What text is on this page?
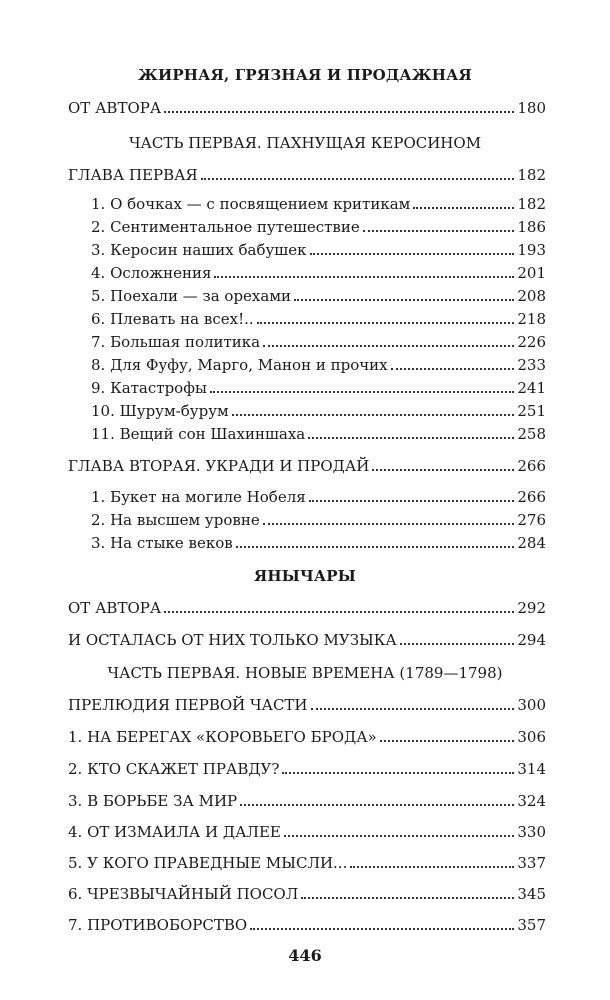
ЖИРНАЯ, ГРЯЗНАЯ И ПРОДАЖНАЯ
ОТ АВТОРА	180
ЧАСТЬ ПЕРВАЯ. ПАХНУЩАЯ КЕРОСИНОМ
ГЛАВА ПЕРВАЯ	182
1. О бочках — с посвящением критикам	182
2. Сентиментальное путешествие	186
3. Керосин наших бабушек	193
4. Осложнения	201
5. Поехали — за орехами	208
6. Плевать на всех!..	218
7. Большая политика	226
8. Для Фуфу, Марго, Манон и прочих	233
9. Катастрофы	241
10. Шурум-бурум	251
11. Вещий сон Шахиншаха	258
ГЛАВА ВТОРАЯ. УКРАДИ И ПРОДАЙ	266
1. Букет на могиле Нобеля	266
2. На высшем уровне	276
3. На стыке веков	284
ЯНЫЧАРЫ
ОТ АВТОРА	292
И ОСТАЛАСЬ ОТ НИХ ТОЛЬКО МУЗЫКА	294
ЧАСТЬ ПЕРВАЯ. НОВЫЕ ВРЕМЕНА (1789—1798)
ПРЕЛЮДИЯ ПЕРВОЙ ЧАСТИ	300
1. НА БЕРЕГАХ «КОРОВЬЕГО БРОДА»	306
2. КТО СКАЖЕТ ПРАВДУ?	314
3. В БОРЬБЕ ЗА МИР	324
4. ОТ ИЗМАИЛА И ДАЛЕЕ	330
5. У КОГО ПРАВЕДНЫЕ МЫСЛИ...	337
6. ЧРЕЗВЫЧАЙНЫЙ ПОСОЛ	345
7. ПРОТИВОБОРСТВО	357
446
